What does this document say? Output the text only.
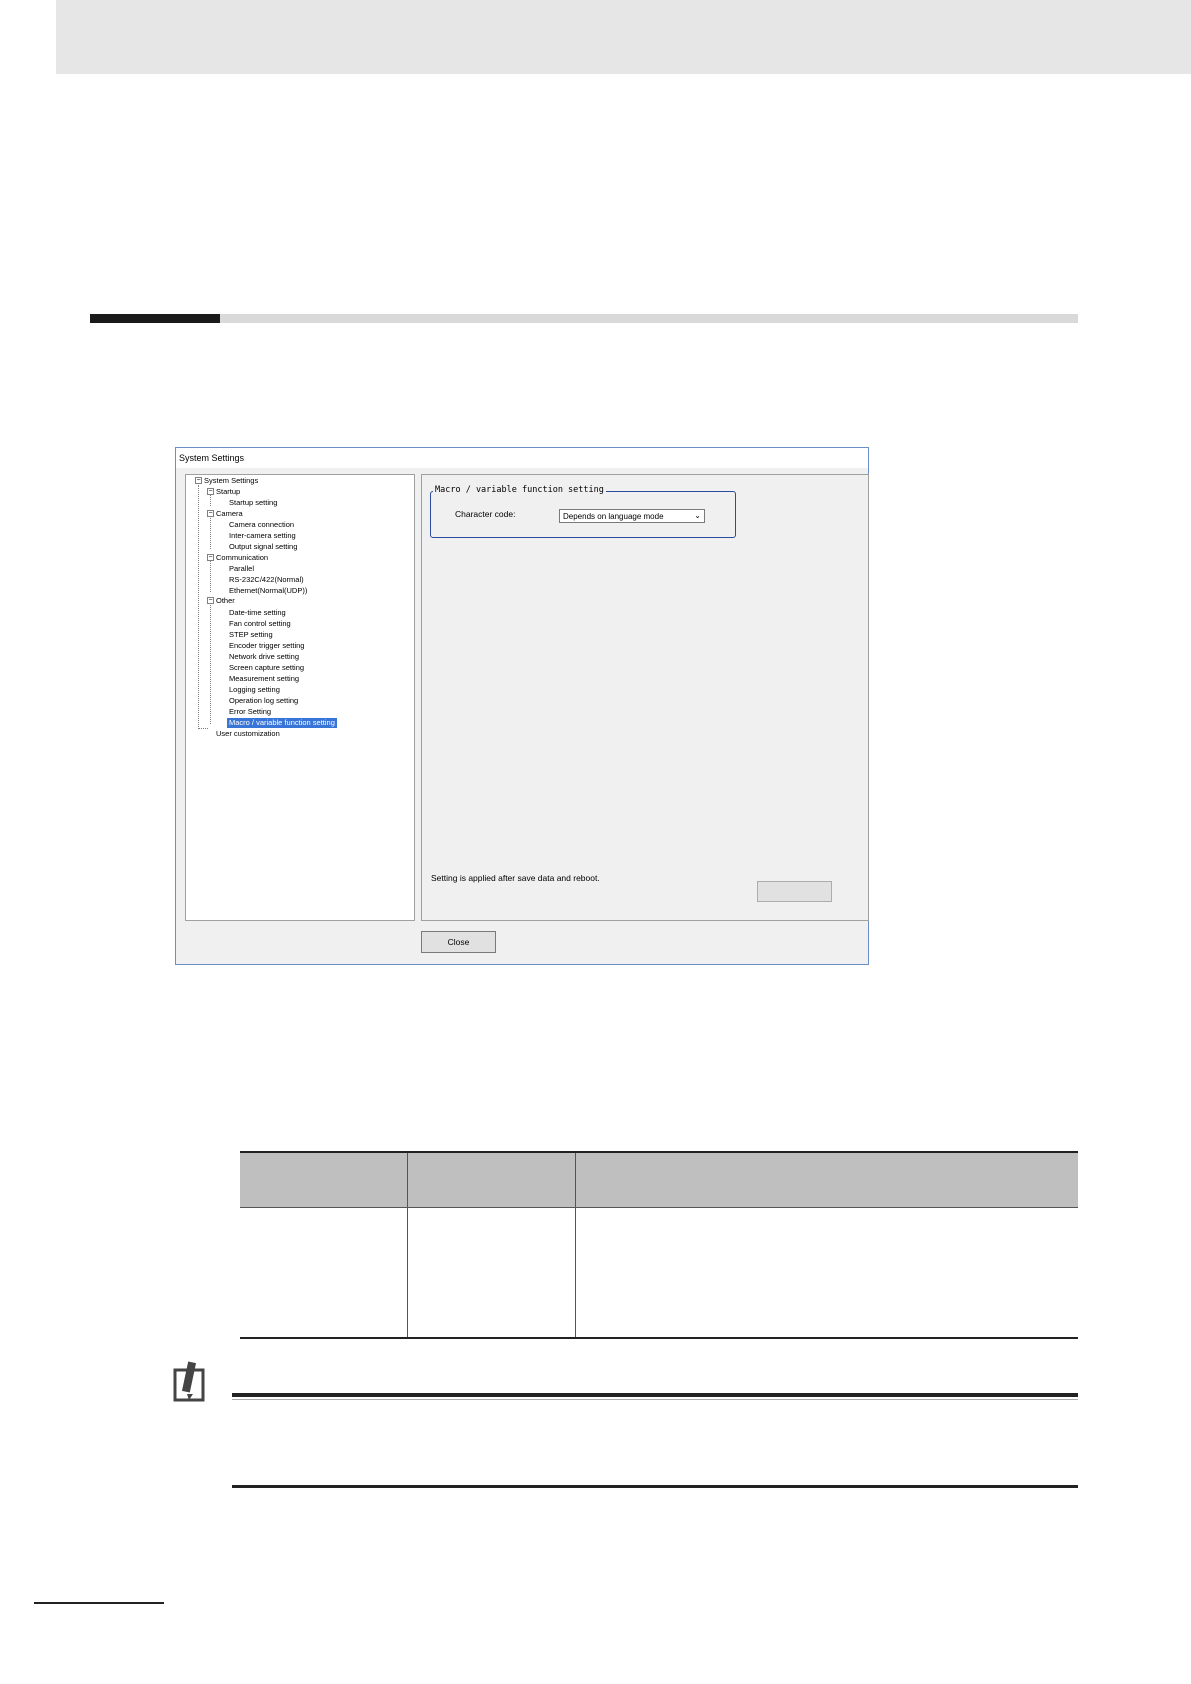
System Settings
− System Settings
− Startup
Startup setting
− Camera
Camera connection
Inter-camera setting
Output signal setting
− Communication
Parallel
RS-232C/422(Normal)
Ethernet(Normal(UDP))
− Other
Date-time setting
Fan control setting
STEP setting
Encoder trigger setting
Network drive setting
Screen capture setting
Measurement setting
Logging setting
Operation log setting
Error Setting
Macro / variable function setting
User customization
Macro / variable function setting
Character code:	Depends on language mode	⌄
Setting is applied after save data and reboot.
Close
